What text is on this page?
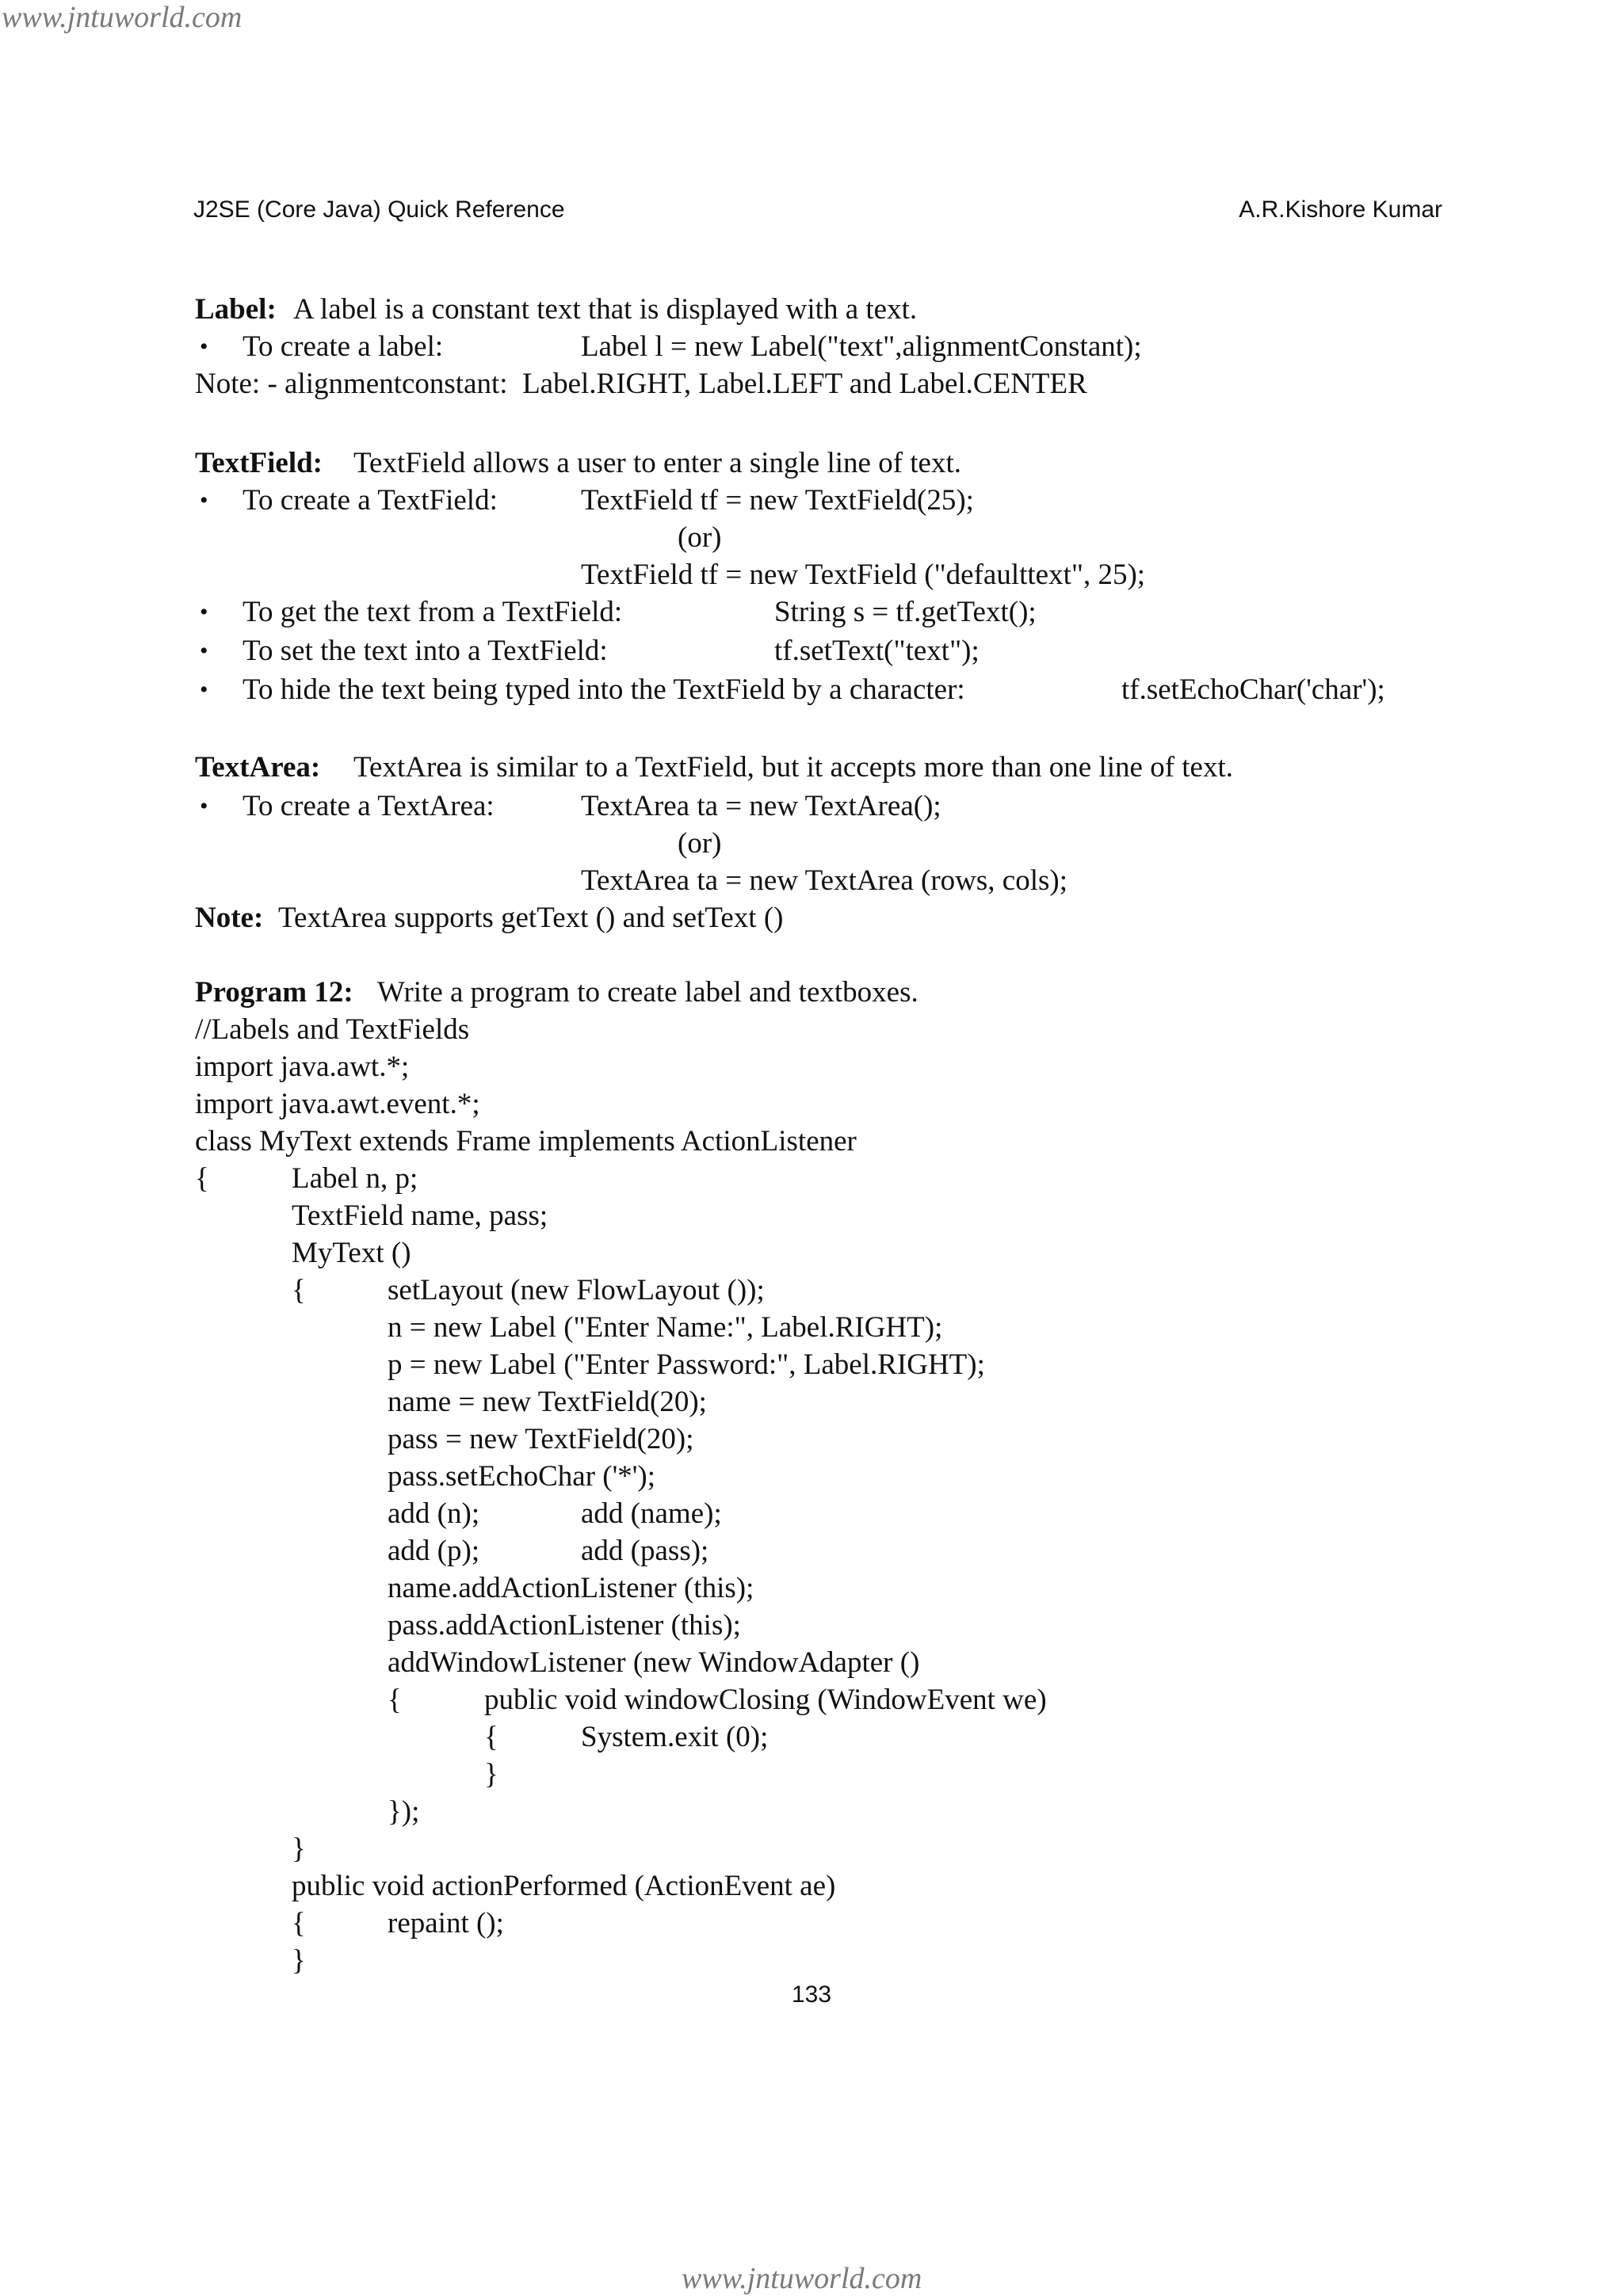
www.jntuworld.com
J2SE (Core Java) Quick Reference	A.R.Kishore Kumar

Label:

A label is a constant text that is displayed with a text.

•

To create a label:

	Label l = new Label("text",alignmentConstant);

Note: - alignmentconstant:  Label.RIGHT, Label.LEFT and Label.CENTER

TextField:

TextField allows a user to enter a single line of text.

•

To create a TextField:

	TextField tf = new TextField(25);

(or)

TextField tf = new TextField ("defaulttext", 25);

•

To get the text from a TextField:

	String s = tf.getText();

•

To set the text into a TextField:

	tf.setText("text");

•

To hide the text being typed into the TextField by a character:

	tf.setEchoChar('char');

TextArea:

TextArea is similar to a TextField, but it accepts more than one line of text.

•

To create a TextArea:

	TextArea ta = new TextArea();

(or)

TextArea ta = new TextArea (rows, cols);

Note:

TextArea supports getText () and setText ()

Program 12:

Write a program to create label and textboxes.

//Labels and TextFields
import java.awt.*;
import java.awt.event.*;
class MyText extends Frame implements ActionListener

{

	Label n, p;

TextField name, pass;
MyText ()

{

	setLayout (new FlowLayout ());

n = new Label ("Enter Name:", Label.RIGHT);
p = new Label ("Enter Password:", Label.RIGHT);
name = new TextField(20);
pass = new TextField(20);
pass.setEchoChar ('*');

add (n);

	add (name);

add (p);

	add (pass);

name.addActionListener (this);
pass.addActionListener (this);
addWindowListener (new WindowAdapter ()

{

	public void windowClosing (WindowEvent we)

{

	System.exit (0);

}
});
}
public void actionPerformed (ActionEvent ae)

{

	repaint ();

}
133
www.jntuworld.com
